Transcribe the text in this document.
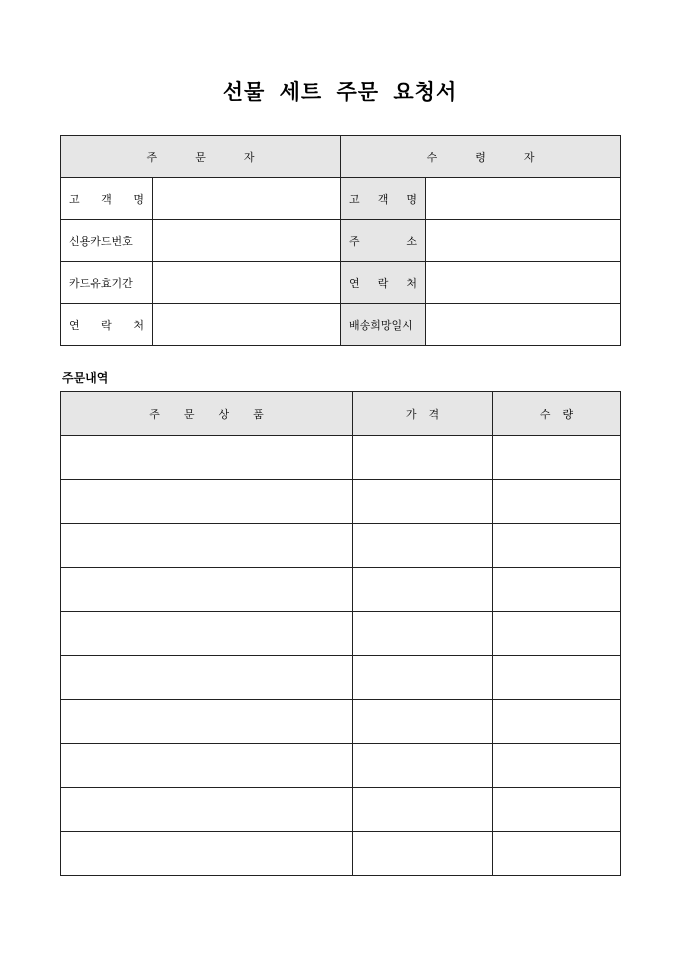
선물 세트 주문 요청서
주 문 자		수 령 자	

고 객 명		고 객 명	

신용카드번호		주 소	

카드유효기간		연 락 처	

연 락 처		배송희망일시	

주문내역
주 문 상 품	가 격	수 량
